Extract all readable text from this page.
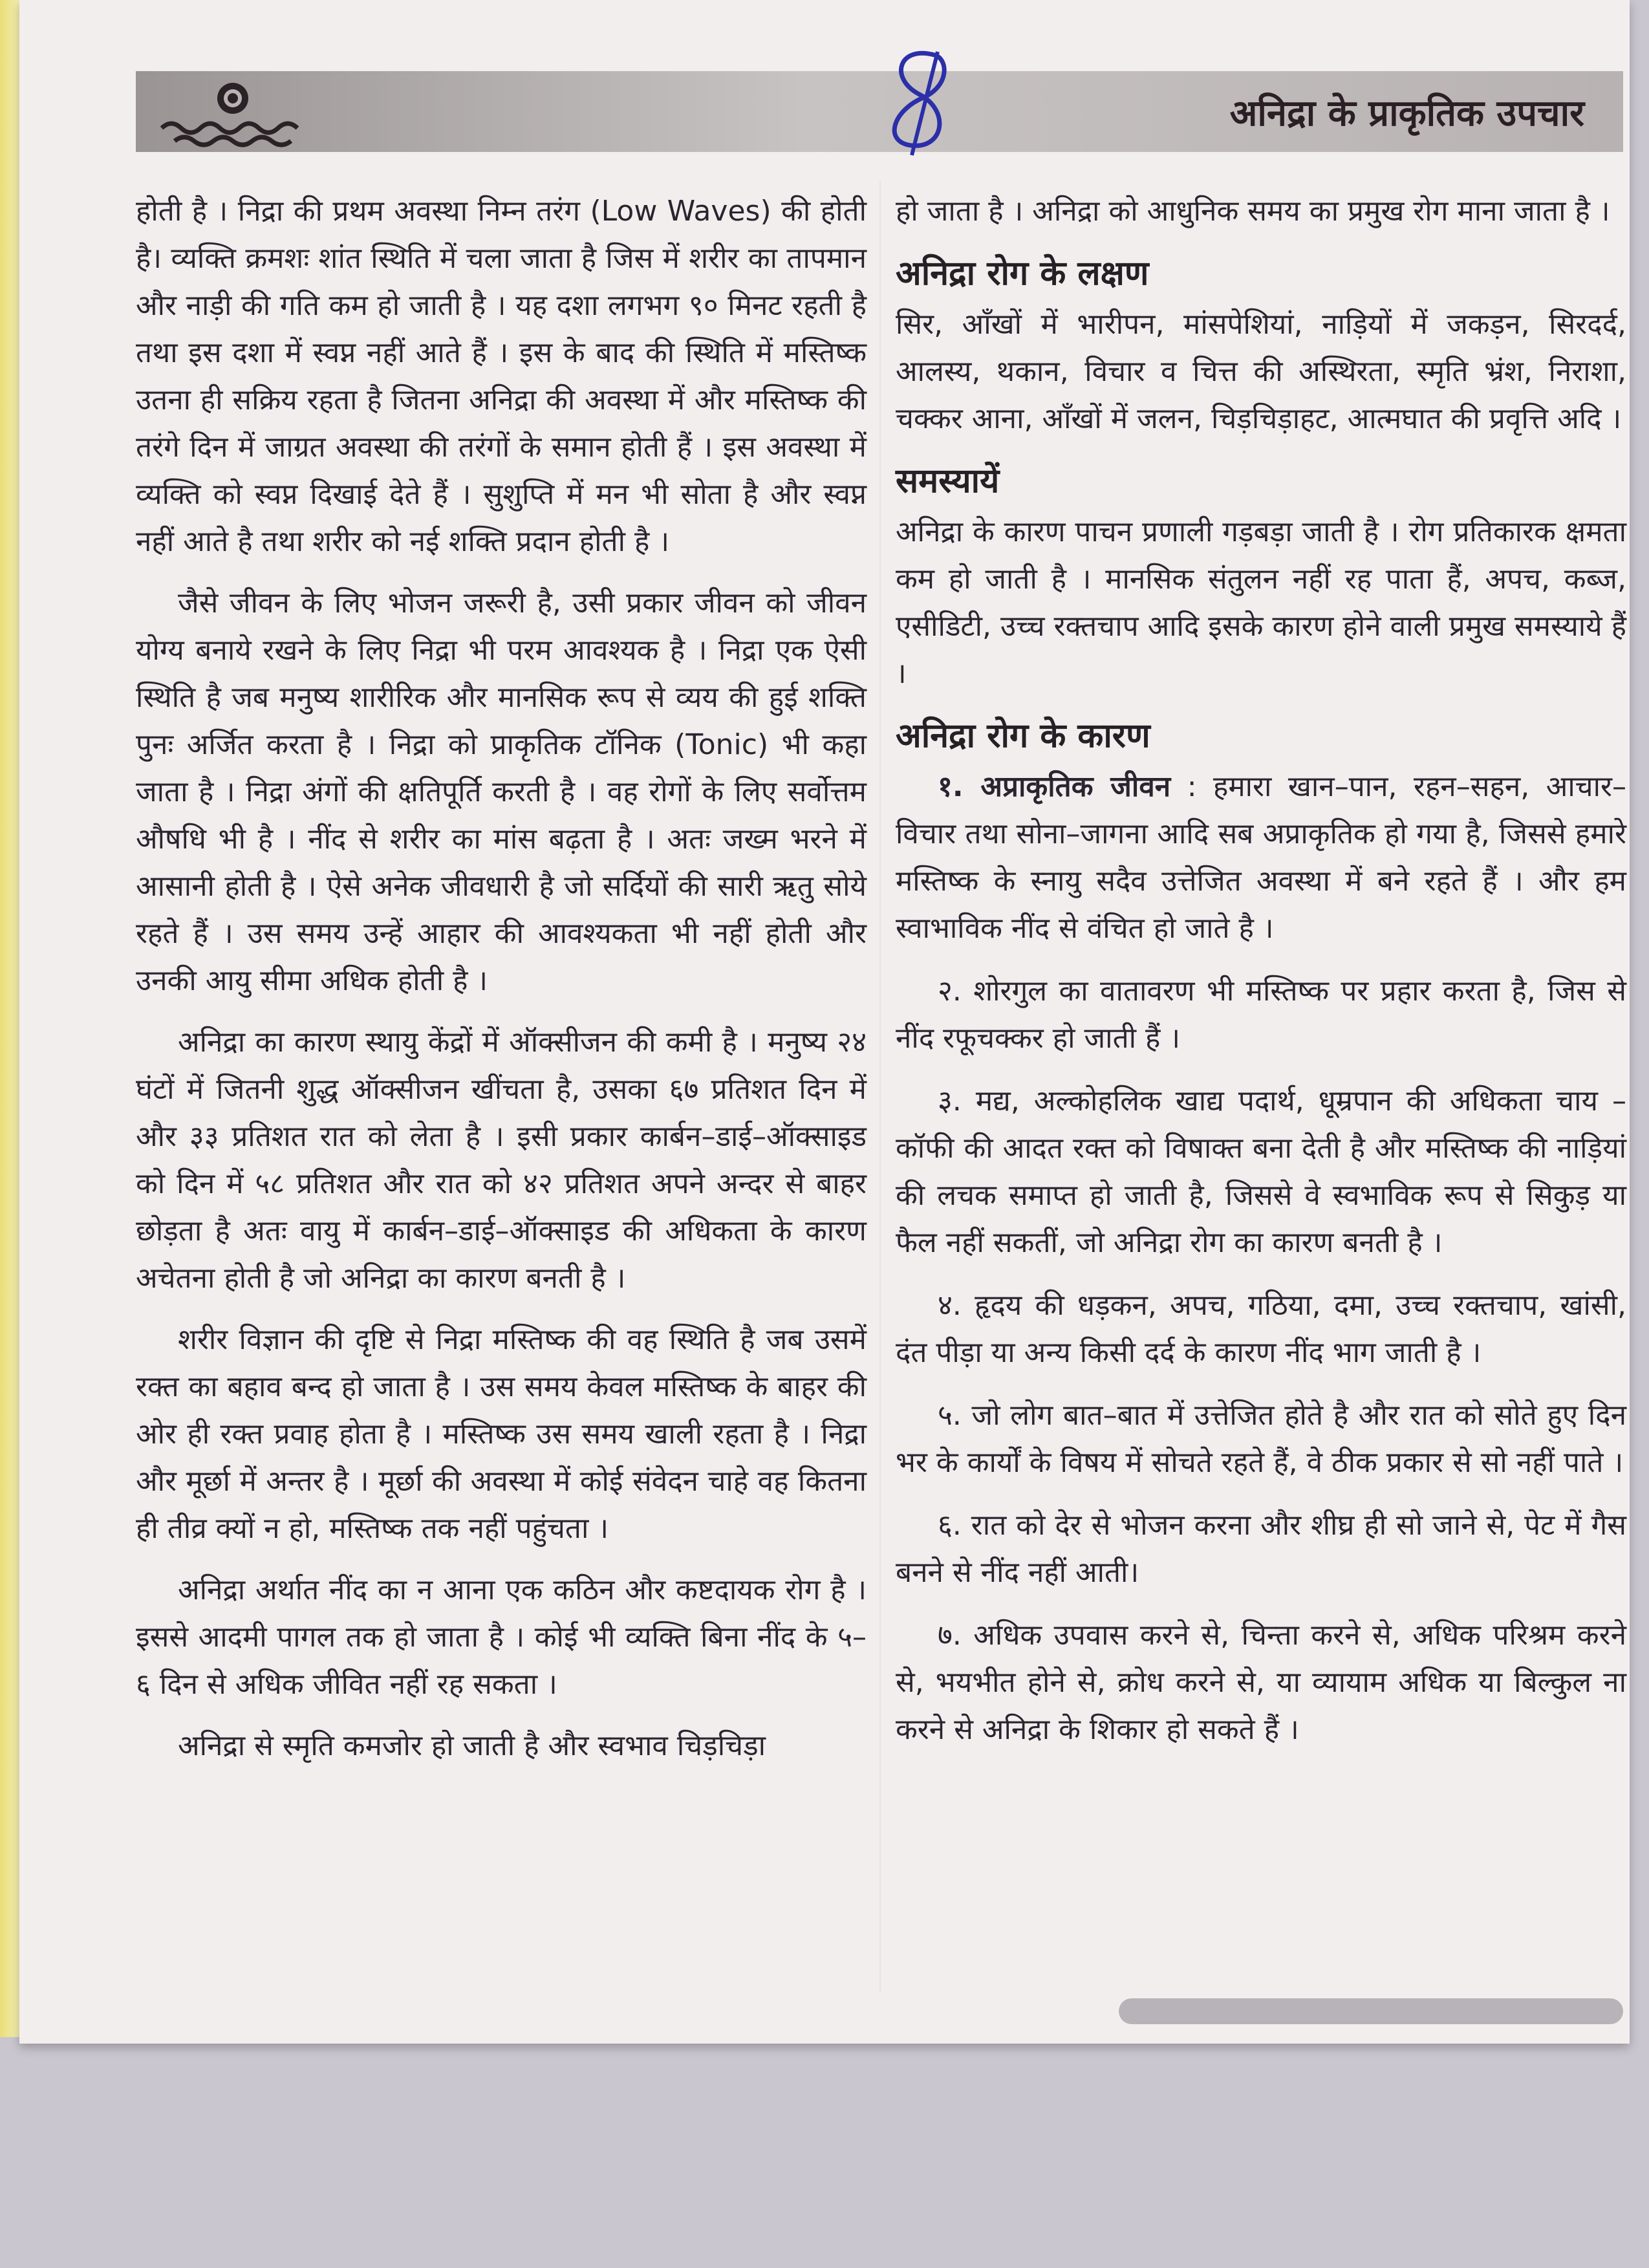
अनिद्रा के प्राकृतिक उपचार

होती है । निद्रा की प्रथम अवस्था निम्न तरंग (Low Waves) की होती है। व्यक्ति क्रमशः शांत स्थिति में चला जाता है जिस में शरीर का तापमान और नाड़ी की गति कम हो जाती है । यह दशा लगभग ९० मिनट रहती है तथा इस दशा में स्वप्न नहीं आते हैं । इस के बाद की स्थिति में मस्तिष्क उतना ही सक्रिय रहता है जितना अनिद्रा की अवस्था में और मस्तिष्क की तरंगे दिन में जाग्रत अवस्था की तरंगों के समान होती हैं । इस अवस्था में व्यक्ति को स्वप्न दिखाई देते हैं । सुशुप्ति में मन भी सोता है और स्वप्न नहीं आते है तथा शरीर को नई शक्ति प्रदान होती है ।

जैसे जीवन के लिए भोजन जरूरी है, उसी प्रकार जीवन को जीवन योग्य बनाये रखने के लिए निद्रा भी परम आवश्यक है । निद्रा एक ऐसी स्थिति है जब मनुष्य शारीरिक और मानसिक रूप से व्यय की हुई शक्ति पुनः अर्जित करता है । निद्रा को प्राकृतिक टॉनिक (Tonic) भी कहा जाता है । निद्रा अंगों की क्षतिपूर्ति करती है । वह रोगों के लिए सर्वोत्तम औषधि भी है । नींद से शरीर का मांस बढ़ता है । अतः जख्म भरने में आसानी होती है । ऐसे अनेक जीवधारी है जो सर्दियों की सारी ऋतु सोये रहते हैं । उस समय उन्हें आहार की आवश्यकता भी नहीं होती और उनकी आयु सीमा अधिक होती है ।

अनिद्रा का कारण स्थायु केंद्रों में ऑक्सीजन की कमी है । मनुष्य २४ घंटों में जितनी शुद्ध ऑक्सीजन खींचता है, उसका ६७ प्रतिशत दिन में और ३३ प्रतिशत रात को लेता है । इसी प्रकार कार्बन–डाई–ऑक्साइड को दिन में ५८ प्रतिशत और रात को ४२ प्रतिशत अपने अन्दर से बाहर छोड़ता है अतः वायु में कार्बन–डाई–ऑक्साइड की अधिकता के कारण अचेतना होती है जो अनिद्रा का कारण बनती है ।

शरीर विज्ञान की दृष्टि से निद्रा मस्तिष्क की वह स्थिति है जब उसमें रक्त का बहाव बन्द हो जाता है । उस समय केवल मस्तिष्क के बाहर की ओर ही रक्त प्रवाह होता है । मस्तिष्क उस समय खाली रहता है । निद्रा और मूर्छा में अन्तर है । मूर्छा की अवस्था में कोई संवेदन चाहे वह कितना ही तीव्र क्यों न हो, मस्तिष्क तक नहीं पहुंचता ।

अनिद्रा अर्थात नींद का न आना एक कठिन और कष्टदायक रोग है । इससे आदमी पागल तक हो जाता है । कोई भी व्यक्ति बिना नींद के ५–६ दिन से अधिक जीवित नहीं रह सकता ।

अनिद्रा से स्मृति कमजोर हो जाती है और स्वभाव चिड़चिड़ा

हो जाता है । अनिद्रा को आधुनिक समय का प्रमुख रोग माना जाता है ।

अनिद्रा रोग के लक्षण

सिर, आँखों में भारीपन, मांसपेशियां, नाड़ियों में जकड़न, सिरदर्द, आलस्य, थकान, विचार व चित्त की अस्थिरता, स्मृति भ्रंश, निराशा, चक्कर आना, आँखों में जलन, चिड़चिड़ाहट, आत्मघात की प्रवृत्ति अदि ।

समस्यायें

अनिद्रा के कारण पाचन प्रणाली गड़बड़ा जाती है । रोग प्रतिकारक क्षमता कम हो जाती है । मानसिक संतुलन नहीं रह पाता हैं, अपच, कब्ज, एसीडिटी, उच्च रक्तचाप आदि इसके कारण होने वाली प्रमुख समस्याये हैं ।

अनिद्रा रोग के कारण

१. अप्राकृतिक जीवन : हमारा खान–पान, रहन–सहन, आचार–विचार तथा सोना–जागना आदि सब अप्राकृतिक हो गया है, जिससे हमारे मस्तिष्क के स्नायु सदैव उत्तेजित अवस्था में बने रहते हैं । और हम स्वाभाविक नींद से वंचित हो जाते है ।

२. शोरगुल का वातावरण भी मस्तिष्क पर प्रहार करता है, जिस से नींद रफूचक्कर हो जाती हैं ।

३. मद्य, अल्कोहलिक खाद्य पदार्थ, धूम्रपान की अधिकता चाय – कॉफी की आदत रक्त को विषाक्त बना देती है और मस्तिष्क की नाड़ियां की लचक समाप्त हो जाती है, जिससे वे स्वभाविक रूप से सिकुड़ या फैल नहीं सकतीं, जो अनिद्रा रोग का कारण बनती है ।

४. हृदय की धड़कन, अपच, गठिया, दमा, उच्च रक्तचाप, खांसी, दंत पीड़ा या अन्य किसी दर्द के कारण नींद भाग जाती है ।

५. जो लोग बात–बात में उत्तेजित होते है और रात को सोते हुए दिन भर के कार्यों के विषय में सोचते रहते हैं, वे ठीक प्रकार से सो नहीं पाते ।

६. रात को देर से भोजन करना और शीघ्र ही सो जाने से, पेट में गैस बनने से नींद नहीं आती।

७. अधिक उपवास करने से, चिन्ता करने से, अधिक परिश्रम करने से, भयभीत होने से, क्रोध करने से, या व्यायाम अधिक या बिल्कुल ना करने से अनिद्रा के शिकार हो सकते हैं ।
